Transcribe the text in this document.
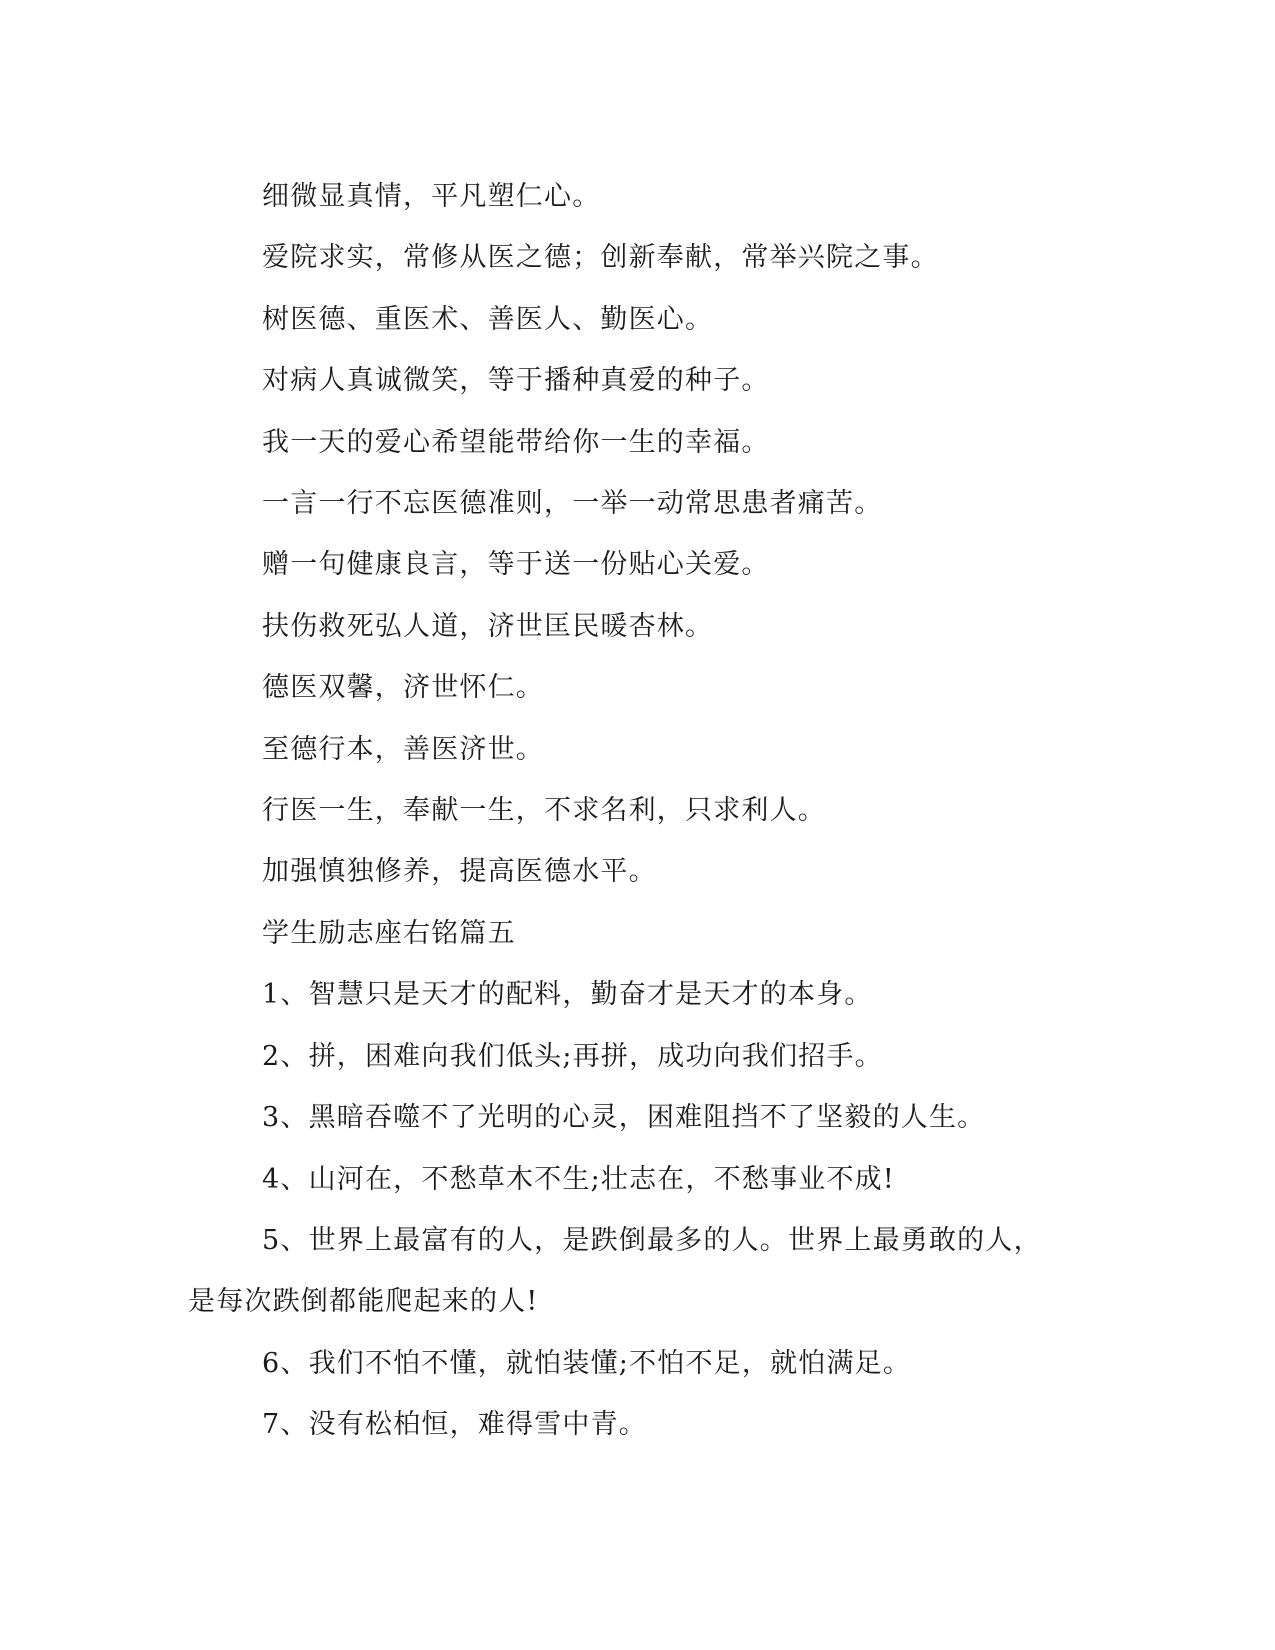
细微显真情，平凡塑仁心。

爱院求实，常修从医之德；创新奉献，常举兴院之事。

树医德、重医术、善医人、勤医心。

对病人真诚微笑，等于播种真爱的种子。

我一天的爱心希望能带给你一生的幸福。

一言一行不忘医德准则，一举一动常思患者痛苦。

赠一句健康良言，等于送一份贴心关爱。

扶伤救死弘人道，济世匡民暖杏林。

德医双馨，济世怀仁。

至德行本，善医济世。

行医一生，奉献一生，不求名利，只求利人。

加强慎独修养，提高医德水平。

学生励志座右铭篇五

1、智慧只是天才的配料，勤奋才是天才的本身。

2、拼，困难向我们低头;再拼，成功向我们招手。

3、黑暗吞噬不了光明的心灵，困难阻挡不了坚毅的人生。

4、山河在，不愁草木不生;壮志在，不愁事业不成!

5、世界上最富有的人，是跌倒最多的人。世界上最勇敢的人，是每次跌倒都能爬起来的人!

6、我们不怕不懂，就怕装懂;不怕不足，就怕满足。

7、没有松柏恒，难得雪中青。
